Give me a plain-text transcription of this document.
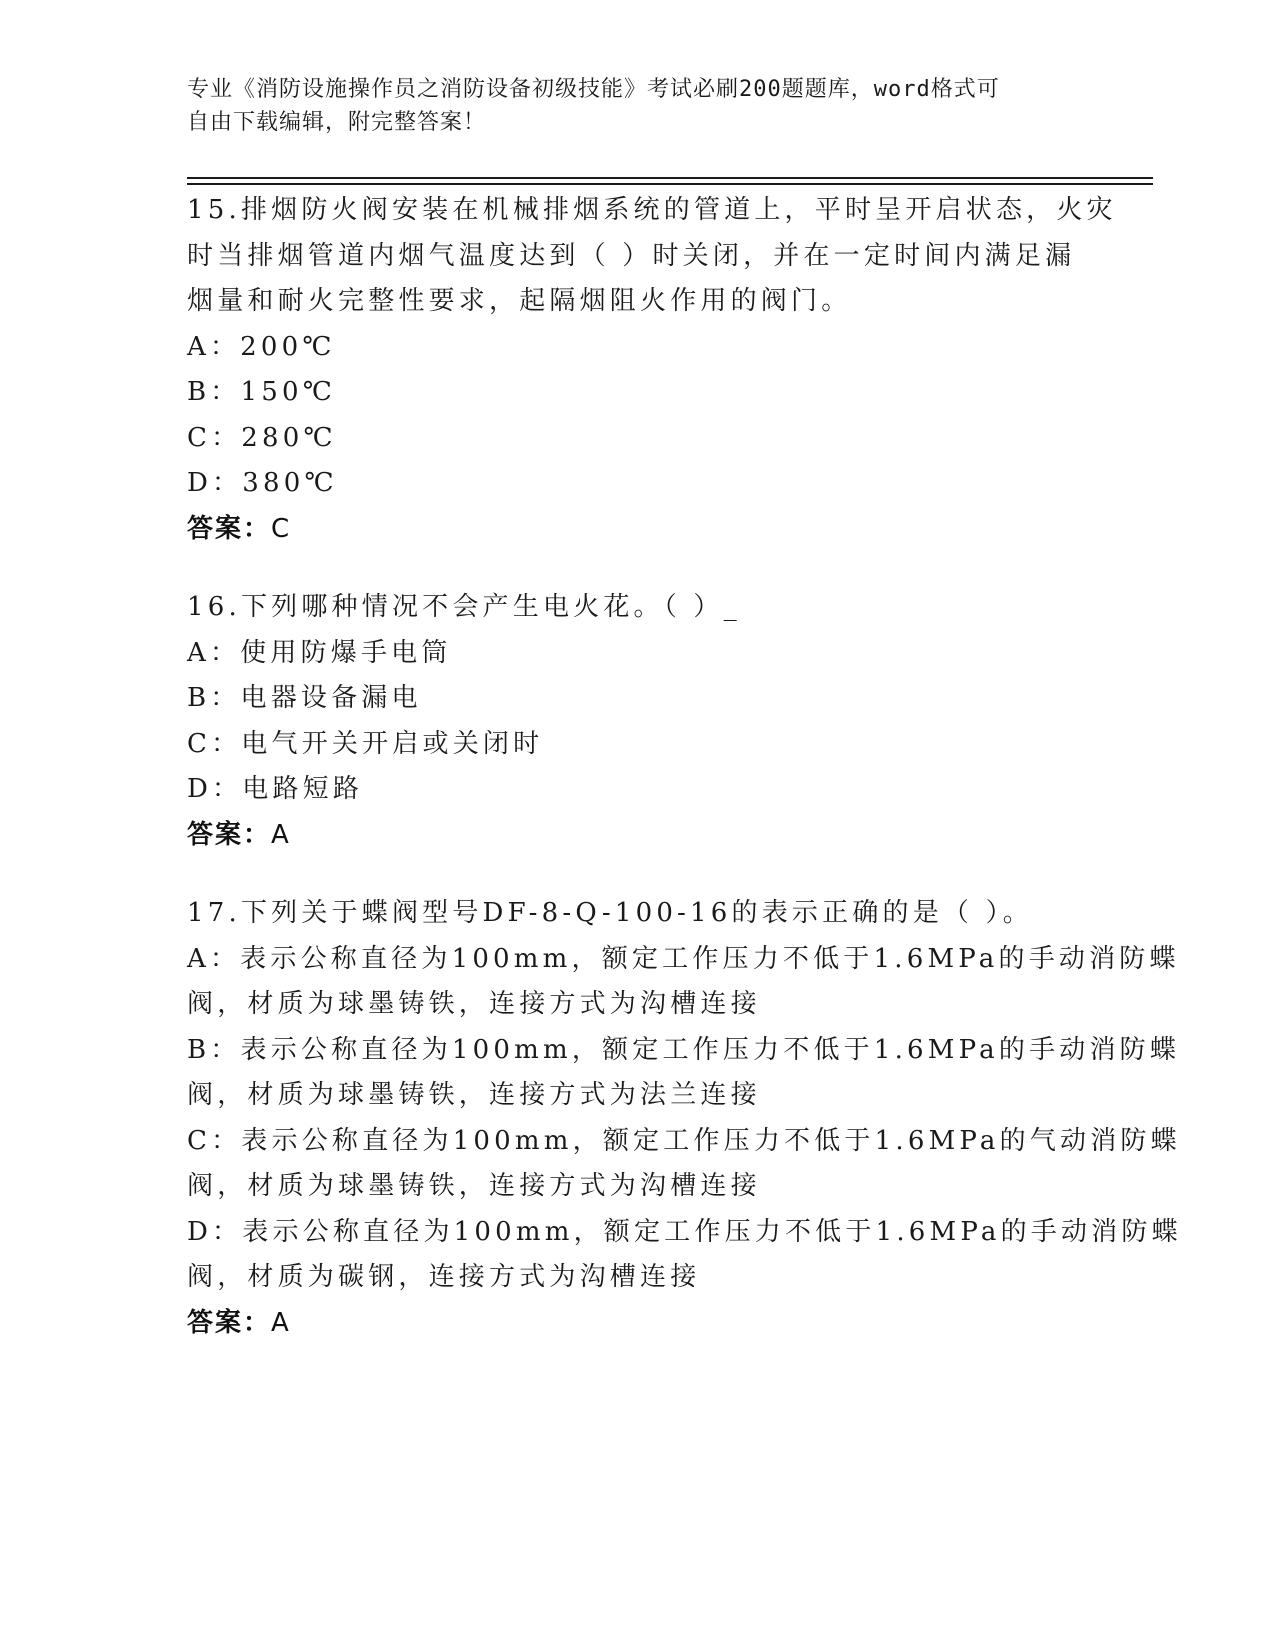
专业《消防设施操作员之消防设备初级技能》考试必刷200题题库，word格式可
自由下载编辑，附完整答案！
15.排烟防火阀安装在机械排烟系统的管道上，平时呈开启状态，火灾
时当排烟管道内烟气温度达到（ ）时关闭，并在一定时间内满足漏
烟量和耐火完整性要求，起隔烟阻火作用的阀门。
A：200℃
B：150℃
C：280℃
D：380℃
答案：C
16.下列哪种情况不会产生电火花。（ ）_
A：使用防爆手电筒
B：电器设备漏电
C：电气开关开启或关闭时
D：电路短路
答案：A
17.下列关于蝶阀型号DF-8-Q-100-16的表示正确的是（ ）。
A：表示公称直径为100mm，额定工作压力不低于1.6MPa的手动消防蝶
阀，材质为球墨铸铁，连接方式为沟槽连接
B：表示公称直径为100mm，额定工作压力不低于1.6MPa的手动消防蝶
阀，材质为球墨铸铁，连接方式为法兰连接
C：表示公称直径为100mm，额定工作压力不低于1.6MPa的气动消防蝶
阀，材质为球墨铸铁，连接方式为沟槽连接
D：表示公称直径为100mm，额定工作压力不低于1.6MPa的手动消防蝶
阀，材质为碳钢，连接方式为沟槽连接
答案：A
